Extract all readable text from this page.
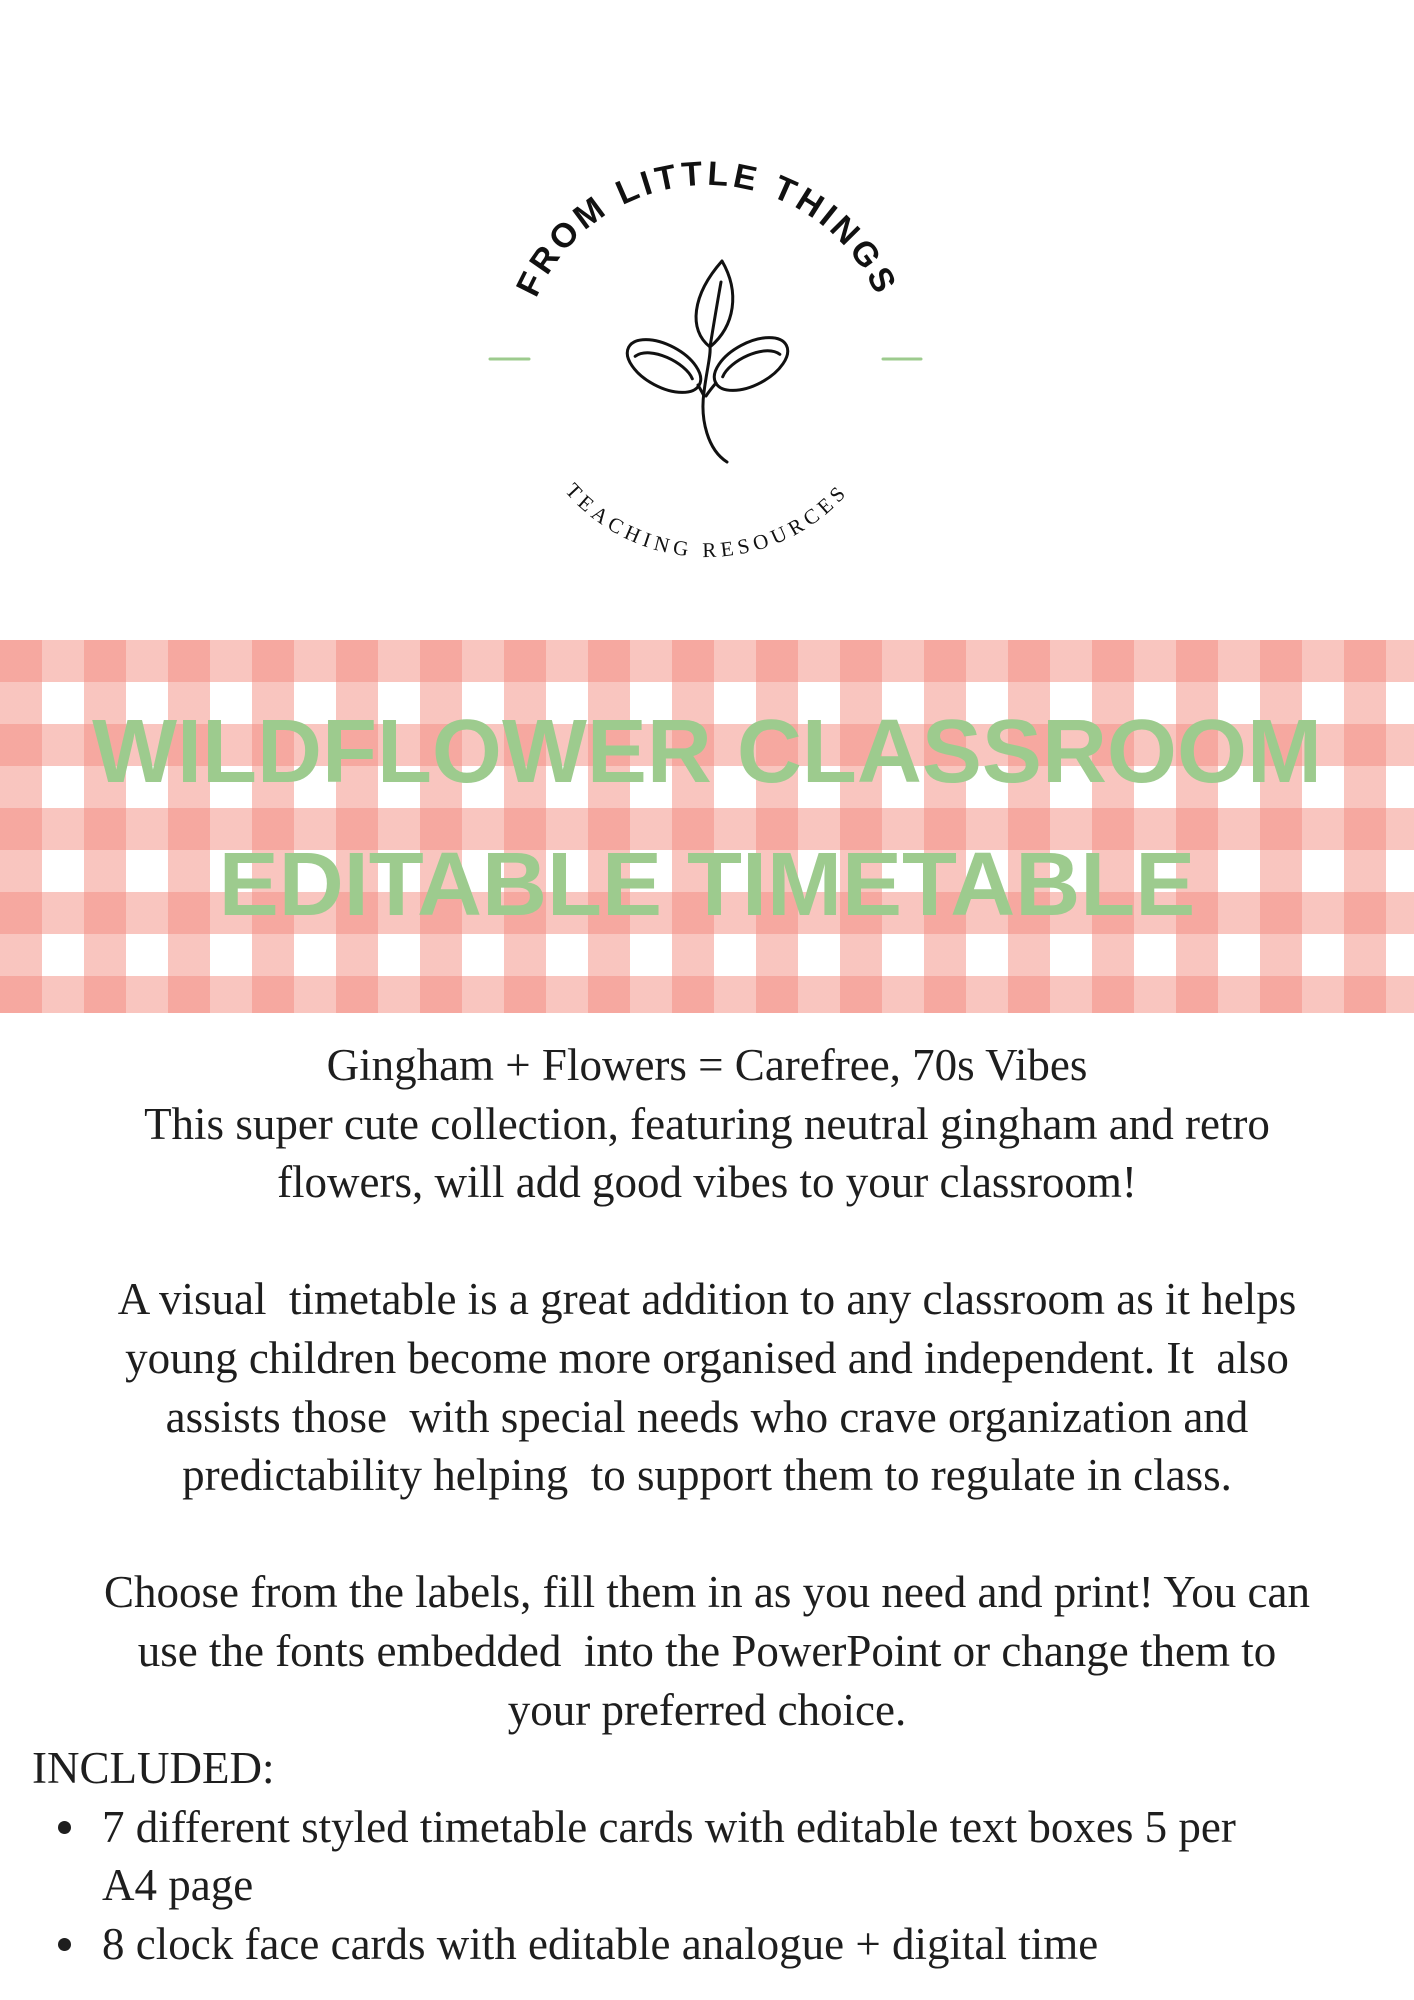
FROM LITTLE THINGS
TEACHING RESOURCES
WILDFLOWER CLASSROOM
EDITABLE TIMETABLE
Gingham + Flowers = Carefree, 70s Vibes
This super cute collection, featuring neutral gingham and retro
flowers, will add good vibes to your classroom!
A visual  timetable is a great addition to any classroom as it helps
young children become more organised and independent. It  also
assists those  with special needs who crave organization and
predictability helping  to support them to regulate in class.
Choose from the labels, fill them in as you need and print! You can
use the fonts embedded  into the PowerPoint or change them to
your preferred choice.
INCLUDED:
7 different styled timetable cards with editable text boxes 5 per
A4 page
8 clock face cards with editable analogue + digital time
